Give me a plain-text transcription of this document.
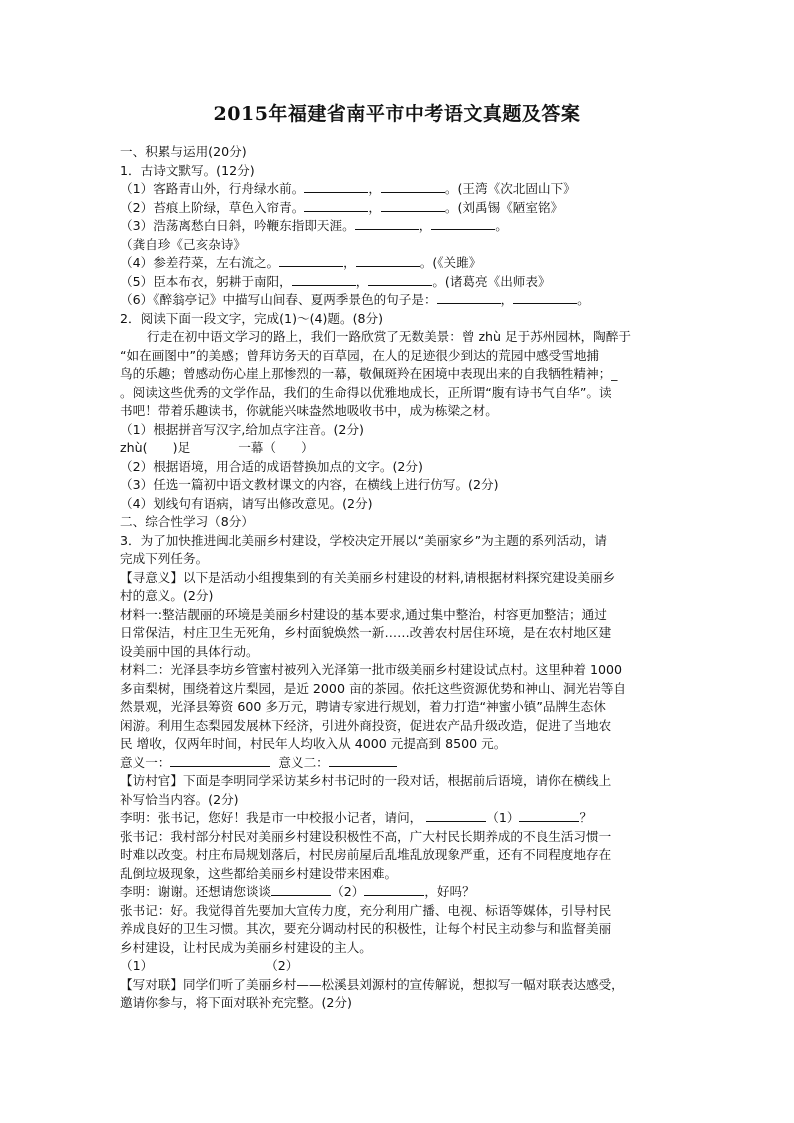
2015年福建省南平市中考语文真题及答案
一、积累与运用(20分)
1．古诗文默写。(12分)
（1）客路青山外，行舟绿水前。	，	。(王湾《次北固山下》
（2）苔痕上阶绿，草色入帘青。	，	。(刘禹锡《陋室铭》
（3）浩荡离愁白日斜，吟鞭东指即天涯。	，	。
（龚自珍《己亥杂诗》
（4）参差荇菜，左右流之。	，	。(《关雎》
（5）臣本布衣，躬耕于南阳，	，	。(诸葛亮《出师表》
（6）《醉翁亭记》中描写山间春、夏两季景色的句子是：	，	。
2．阅读下面一段文字，完成(1)～(4)题。(8分)
行走在初中语文学习的路上，我们一路欣赏了无数美景：曾 zhù 足于苏州园林，陶醉于
“如在画图中”的美感；曾拜访务天的百草园，在人的足迹很少到达的荒园中感受雪地捕
鸟的乐趣；曾感动伤心崖上那惨烈的一幕，敬佩斑羚在困境中表现出来的自我牺牲精神；_
。阅读这些优秀的文学作品，我们的生命得以优雅地成长，正所谓“腹有诗书气自华”。读
书吧！带着乐趣读书，你就能兴味盎然地吸收书中，成为栋梁之材。
（1）根据拼音写汉字,给加点字注音。(2分)
zhù(　　)足	一幕（　　）
（2）根据语境，用合适的成语替换加点的文字。(2分)
（3）任选一篇初中语文教材课文的内容，在横线上进行仿写。(2分)
（4）划线句有语病，请写出修改意见。(2分)
二、综合性学习（8分）
3．为了加快推进闽北美丽乡村建设，学校决定开展以“美丽家乡”为主题的系列活动，请
完成下列任务。
【寻意义】以下是活动小组搜集到的有关美丽乡村建设的材料,请根据材料探究建设美丽乡
村的意义。(2分)
材料一:整洁靓丽的环境是美丽乡村建设的基本要求,通过集中整治，村容更加整洁；通过
日常保洁，村庄卫生无死角，乡村面貌焕然一新……改善农村居住环境，是在农村地区建
设美丽中国的具体行动。
材料二：光泽县李坊乡管蜜村被列入光泽第一批市级美丽乡村建设试点村。这里种着 1000
多亩梨树，围绕着这片梨园，是近 2000 亩的茶园。依托这些资源优势和神山、洞光岩等自
然景观，光泽县筹资 600 多万元，聘请专家进行规划，着力打造“神蜜小镇”品牌生态休
闲游。利用生态梨园发展林下经济，引进外商投资，促进农产品升级改造，促进了当地农
民 增收，仅两年时间，村民年人均收入从 4000 元提高到 8500 元。
意义一：	意义二：
【访村官】下面是李明同学采访某乡村书记时的一段对话，根据前后语境，请你在横线上
补写恰当内容。(2分)
李明：张书记，您好！我是市一中校报小记者，请问，	（1）	？
张书记：我村部分村民对美丽乡村建设积极性不高，广大村民长期养成的不良生活习惯一
时难以改变。村庄布局规划落后，村民房前屋后乱堆乱放现象严重，还有不同程度地存在
乱倒垃圾现象，这些都给美丽乡村建设带来困难。
李明：谢谢。还想请您谈谈	（2）	，好吗？
张书记：好。我觉得首先要加大宣传力度，充分利用广播、电视、标语等媒体，引导村民
养成良好的卫生习惯。其次，要充分调动村民的积极性，让每个村民主动参与和监督美丽
乡村建设，让村民成为美丽乡村建设的主人。
（1）	（2）
【写对联】同学们听了美丽乡村——松溪县刘源村的宣传解说，想拟写一幅对联表达感受，
邀请你参与，将下面对联补充完整。(2分)
